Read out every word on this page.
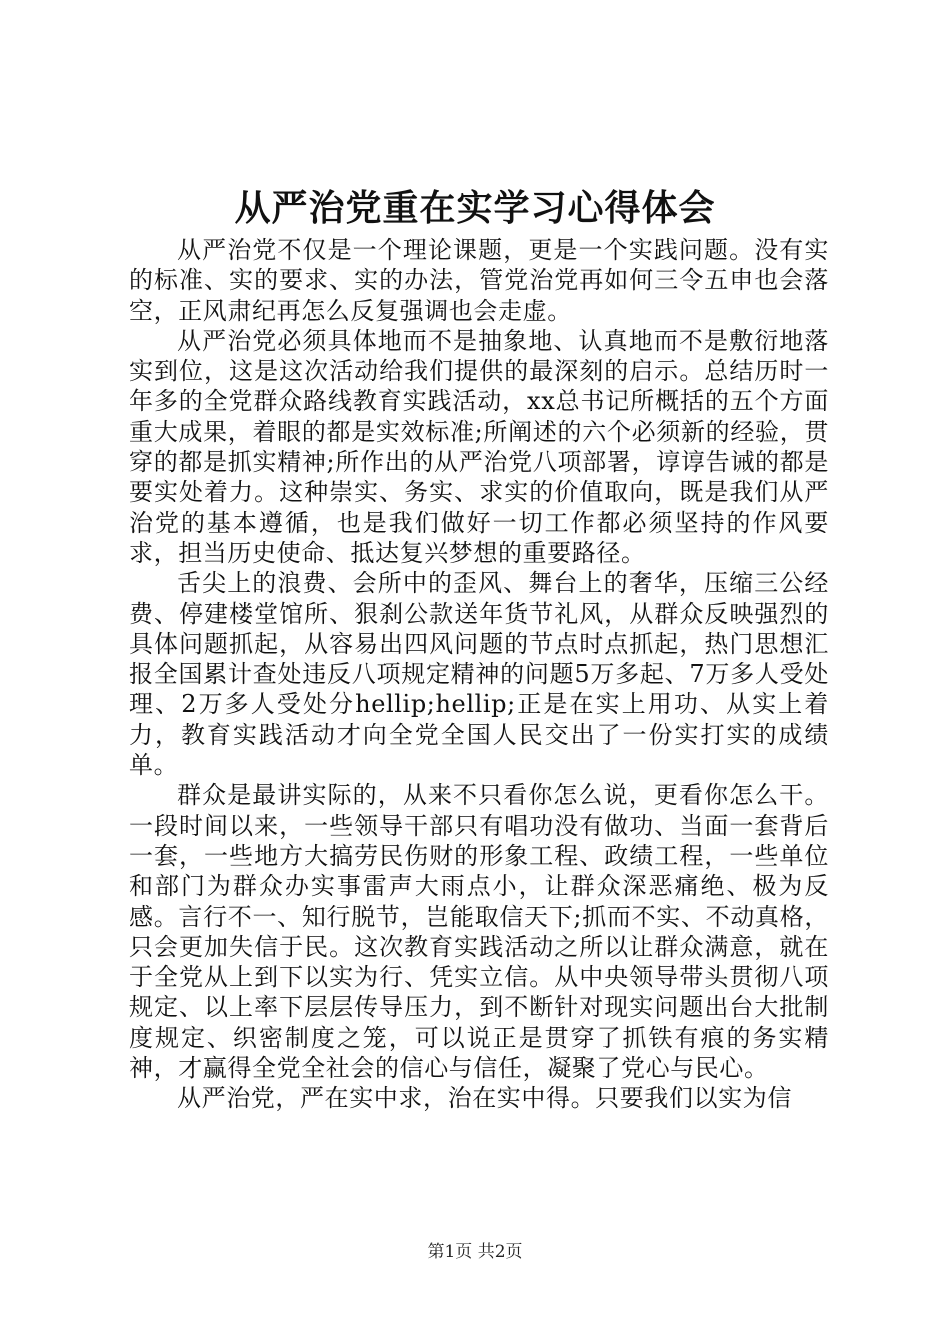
从严治党重在实学习心得体会

从严治党不仅是一个理论课题，更是一个实践问题。没有实的标准、实的要求、实的办法，管党治党再如何三令五申也会落空，正风肃纪再怎么反复强调也会走虚。

从严治党必须具体地而不是抽象地、认真地而不是敷衍地落实到位，这是这次活动给我们提供的最深刻的启示。总结历时一年多的全党群众路线教育实践活动，xx总书记所概括的五个方面重大成果，着眼的都是实效标准;所阐述的六个必须新的经验，贯穿的都是抓实精神;所作出的从严治党八项部署，谆谆告诫的都是要实处着力。这种崇实、务实、求实的价值取向，既是我们从严治党的基本遵循，也是我们做好一切工作都必须坚持的作风要求，担当历史使命、抵达复兴梦想的重要路径。

舌尖上的浪费、会所中的歪风、舞台上的奢华，压缩三公经费、停建楼堂馆所、狠刹公款送年货节礼风，从群众反映强烈的具体问题抓起，从容易出四风问题的节点时点抓起，热门思想汇报全国累计查处违反八项规定精神的问题5万多起、7万多人受处理、2万多人受处分hellip;hellip;正是在实上用功、从实上着力，教育实践活动才向全党全国人民交出了一份实打实的成绩单。

群众是最讲实际的，从来不只看你怎么说，更看你怎么干。一段时间以来，一些领导干部只有唱功没有做功、当面一套背后一套，一些地方大搞劳民伤财的形象工程、政绩工程，一些单位和部门为群众办实事雷声大雨点小，让群众深恶痛绝、极为反感。言行不一、知行脱节，岂能取信天下;抓而不实、不动真格，只会更加失信于民。这次教育实践活动之所以让群众满意，就在于全党从上到下以实为行、凭实立信。从中央领导带头贯彻八项规定、以上率下层层传导压力，到不断针对现实问题出台大批制度规定、织密制度之笼，可以说正是贯穿了抓铁有痕的务实精神，才赢得全党全社会的信心与信任，凝聚了党心与民心。

从严治党，严在实中求，治在实中得。只要我们以实为信

第1页 共2页
